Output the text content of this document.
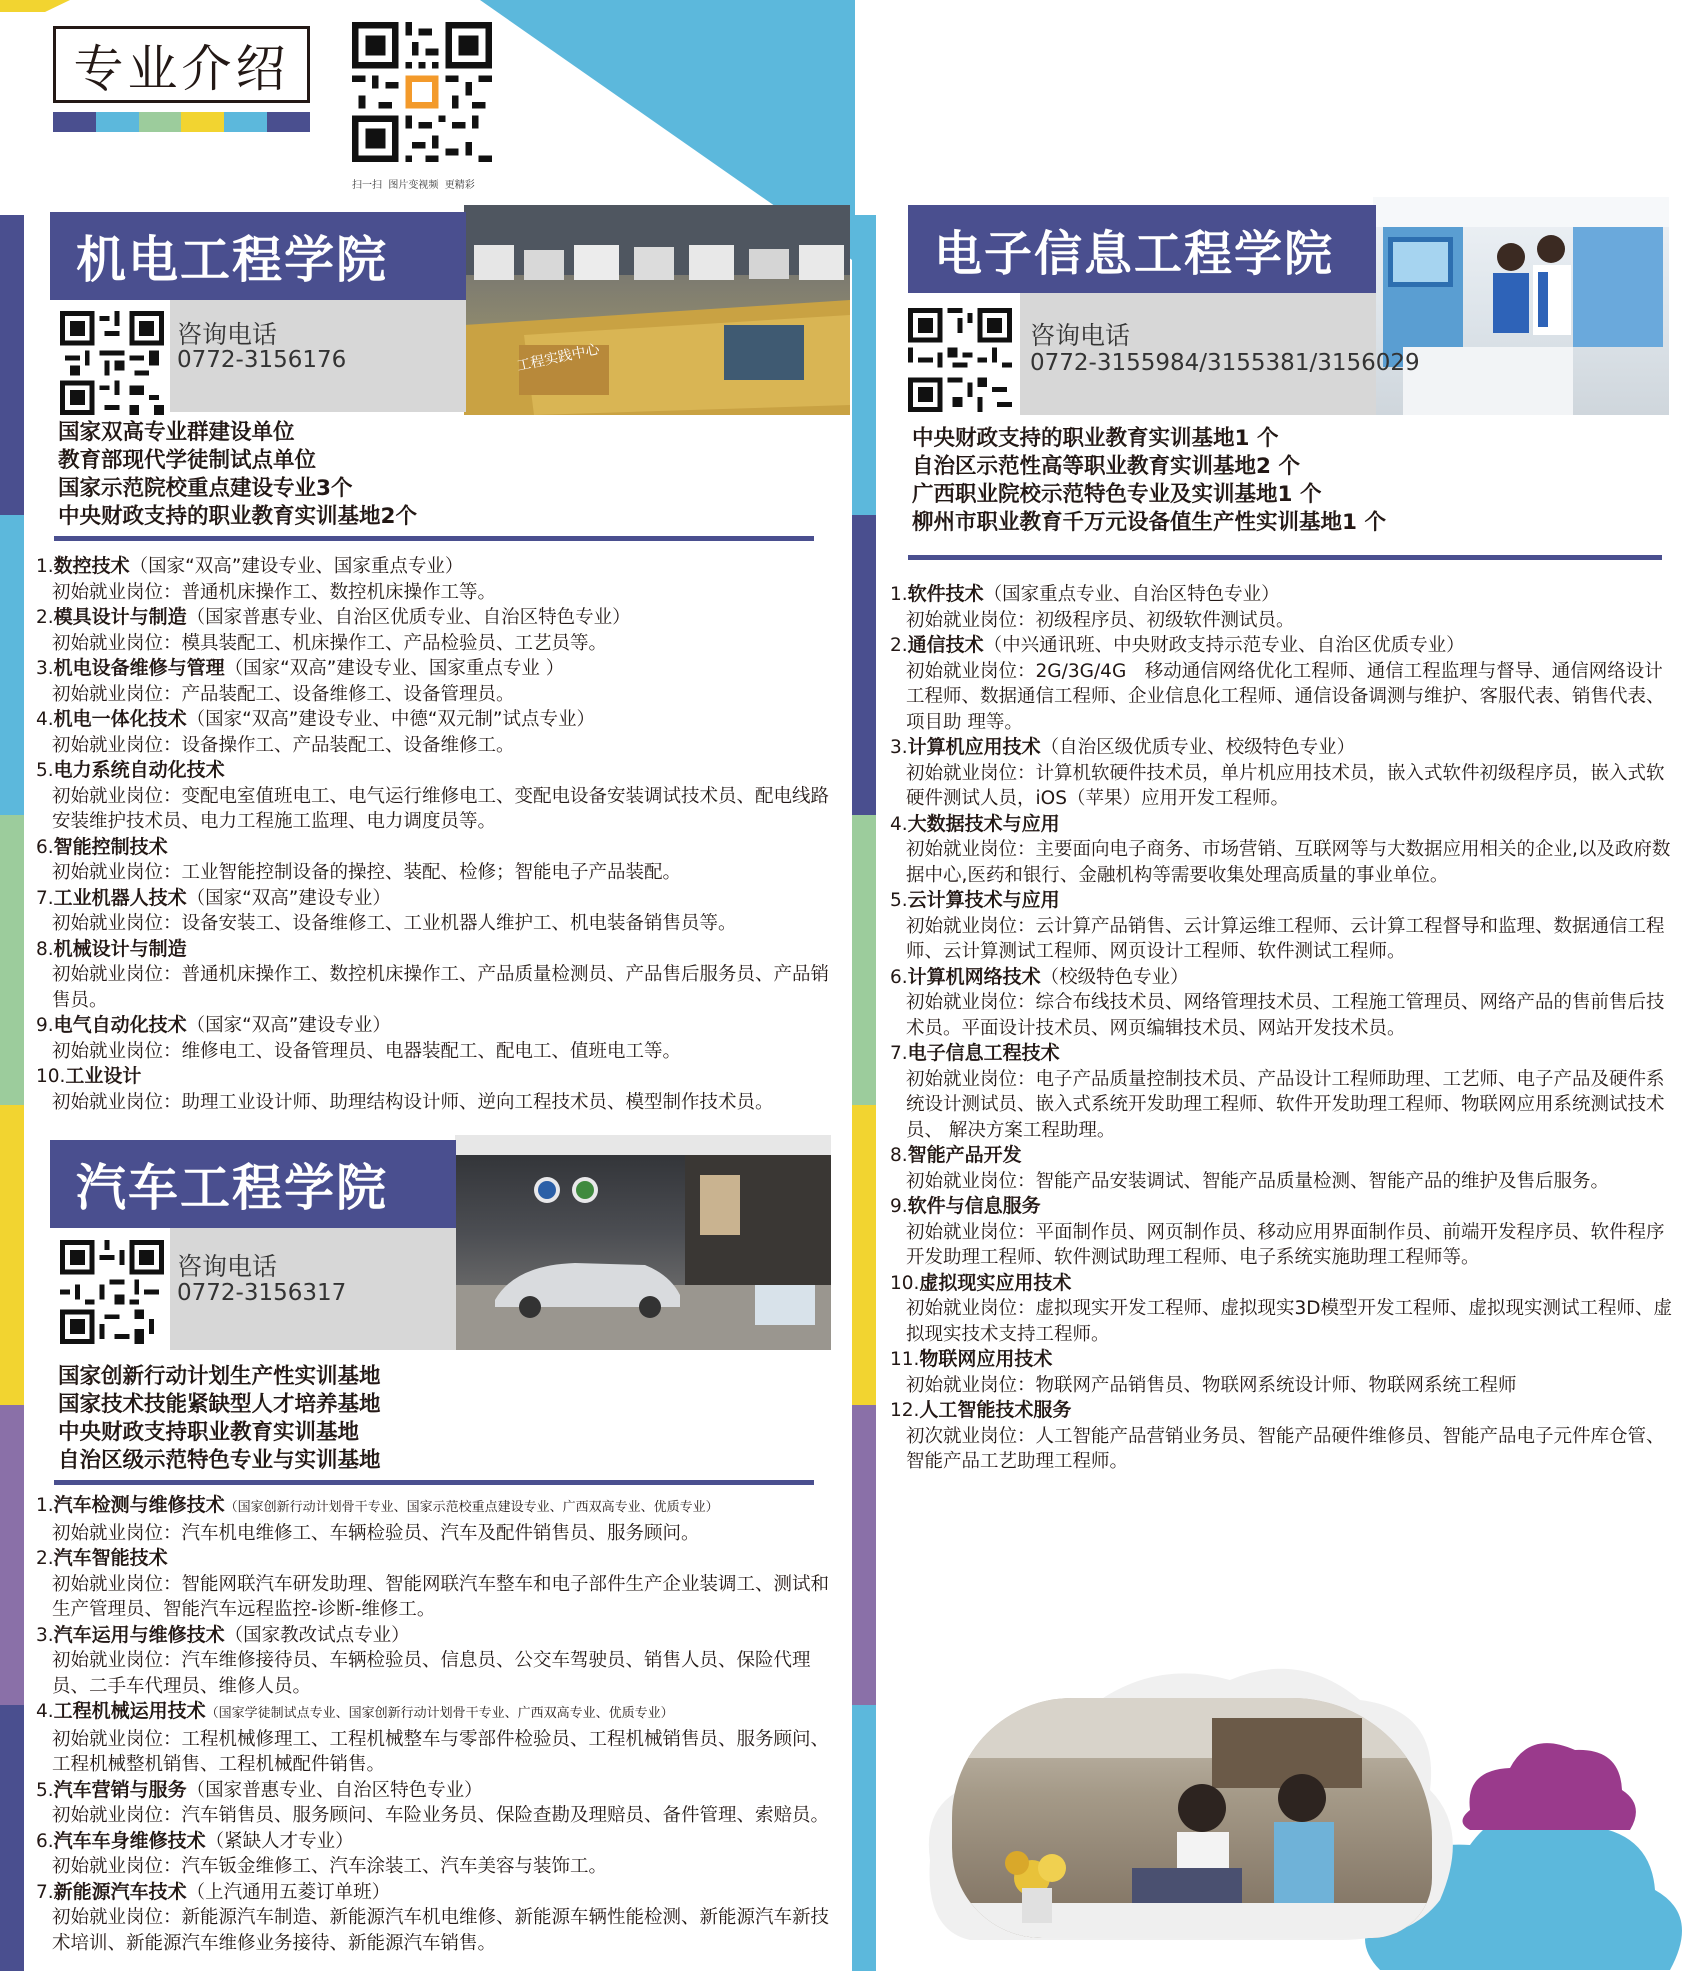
专业介绍
扫一扫  图片变视频  更精彩
工程实践中心
机电工程学院
咨询电话
0772-3156176
国家双高专业群建设单位
教育部现代学徒制试点单位
国家示范院校重点建设专业3个
中央财政支持的职业教育实训基地2个
1.数控技术（国家“双高”建设专业、国家重点专业）
初始就业岗位：普通机床操作工、数控机床操作工等。
2.模具设计与制造（国家普惠专业、自治区优质专业、自治区特色专业）
初始就业岗位：模具装配工、机床操作工、产品检验员、工艺员等。
3.机电设备维修与管理（国家“双高”建设专业、国家重点专业 ）
初始就业岗位：产品装配工、设备维修工、设备管理员。
4.机电一体化技术（国家“双高”建设专业、中德“双元制”试点专业）
初始就业岗位：设备操作工、产品装配工、设备维修工。
5.电力系统自动化技术
初始就业岗位：变配电室值班电工、电气运行维修电工、变配电设备安装调试技术员、配电线路安装维护技术员、电力工程施工监理、电力调度员等。
6.智能控制技术
初始就业岗位：工业智能控制设备的操控、装配、检修；智能电子产品装配。
7.工业机器人技术（国家“双高”建设专业）
初始就业岗位：设备安装工、设备维修工、工业机器人维护工、机电装备销售员等。
8.机械设计与制造
初始就业岗位：普通机床操作工、数控机床操作工、产品质量检测员、产品售后服务员、产品销售员。
9.电气自动化技术（国家“双高”建设专业）
初始就业岗位：维修电工、设备管理员、电器装配工、配电工、值班电工等。
10.工业设计
初始就业岗位：助理工业设计师、助理结构设计师、逆向工程技术员、模型制作技术员。
汽车工程学院
咨询电话
0772-3156317
国家创新行动计划生产性实训基地
国家技术技能紧缺型人才培养基地
中央财政支持职业教育实训基地
自治区级示范特色专业与实训基地
1.汽车检测与维修技术（国家创新行动计划骨干专业、国家示范校重点建设专业、广西双高专业、优质专业）
初始就业岗位：汽车机电维修工、车辆检验员、汽车及配件销售员、服务顾问。
2.汽车智能技术
初始就业岗位：智能网联汽车研发助理、智能网联汽车整车和电子部件生产企业装调工、测试和生产管理员、智能汽车远程监控-诊断-维修工。
3.汽车运用与维修技术（国家教改试点专业）
初始就业岗位：汽车维修接待员、车辆检验员、信息员、公交车驾驶员、销售人员、保险代理 员、二手车代理员、维修人员。
4.工程机械运用技术（国家学徒制试点专业、国家创新行动计划骨干专业、广西双高专业、优质专业）
初始就业岗位：工程机械修理工、工程机械整车与零部件检验员、工程机械销售员、服务顾问、工程机械整机销售、工程机械配件销售。
5.汽车营销与服务（国家普惠专业、自治区特色专业）
初始就业岗位：汽车销售员、服务顾问、车险业务员、保险查勘及理赔员、备件管理、索赔员。
6.汽车车身维修技术（紧缺人才专业）
初始就业岗位：汽车钣金维修工、汽车涂装工、汽车美容与装饰工。
7.新能源汽车技术（上汽通用五菱订单班）
初始就业岗位：新能源汽车制造、新能源汽车机电维修、新能源车辆性能检测、新能源汽车新技术培训、新能源汽车维修业务接待、新能源汽车销售。
电子信息工程学院
咨询电话
0772-3155984/3155381/3156029
中央财政支持的职业教育实训基地1 个
自治区示范性高等职业教育实训基地2 个
广西职业院校示范特色专业及实训基地1 个
柳州市职业教育千万元设备值生产性实训基地1 个
1.软件技术（国家重点专业、自治区特色专业）
初始就业岗位：初级程序员、初级软件测试员。
2.通信技术（中兴通讯班、中央财政支持示范专业、自治区优质专业）
初始就业岗位：2G/3G/4G　移动通信网络优化工程师、通信工程监理与督导、通信网络设计工程师、数据通信工程师、企业信息化工程师、通信设备调测与维护、客服代表、销售代表、项目助 理等。
3.计算机应用技术（自治区级优质专业、校级特色专业）
初始就业岗位：计算机软硬件技术员，单片机应用技术员，嵌入式软件初级程序员，嵌入式软 硬件测试人员，iOS（苹果）应用开发工程师。
4.大数据技术与应用
初始就业岗位：主要面向电子商务、市场营销、互联网等与大数据应用相关的企业,以及政府数据中心,医药和银行、金融机构等需要收集处理高质量的事业单位。
5.云计算技术与应用
初始就业岗位：云计算产品销售、云计算运维工程师、云计算工程督导和监理、数据通信工程 师、云计算测试工程师、网页设计工程师、软件测试工程师。
6.计算机网络技术（校级特色专业）
初始就业岗位：综合布线技术员、网络管理技术员、工程施工管理员、网络产品的售前售后技 术员。平面设计技术员、网页编辑技术员、网站开发技术员。
7.电子信息工程技术
初始就业岗位：电子产品质量控制技术员、产品设计工程师助理、工艺师、电子产品及硬件系 统设计测试员、嵌入式系统开发助理工程师、软件开发助理工程师、物联网应用系统测试技术员、 解决方案工程助理。
8.智能产品开发
初始就业岗位：智能产品安装调试、智能产品质量检测、智能产品的维护及售后服务。
9.软件与信息服务
初始就业岗位：平面制作员、网页制作员、移动应用界面制作员、前端开发程序员、软件程序开发助理工程师、软件测试助理工程师、电子系统实施助理工程师等。
10.虚拟现实应用技术
初始就业岗位：虚拟现实开发工程师、虚拟现实3D模型开发工程师、虚拟现实测试工程师、虚拟现实技术支持工程师。
11.物联网应用技术
初始就业岗位：物联网产品销售员、物联网系统设计师、物联网系统工程师
12.人工智能技术服务
初次就业岗位：人工智能产品营销业务员、智能产品硬件维修员、智能产品电子元件库仓管、智能产品工艺助理工程师。
